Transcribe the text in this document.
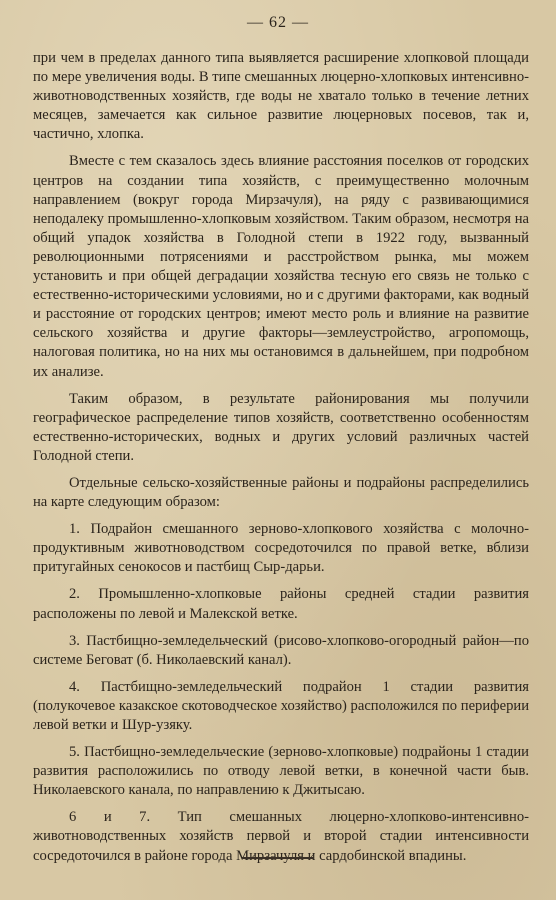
— 62 —

при чем в пределах данного типа выявляется расширение хлопковой площади по мере увеличения воды. В типе смешанных люцерно-хлопковых интенсивно-животноводственных хозяйств, где воды не хватало только в течение летних месяцев, замечается как сильное развитие люцерновых посевов, так и, частично, хлопка.

Вместе с тем сказалось здесь влияние расстояния поселков от городских центров на создании типа хозяйств, с преимущественно молочным направлением (вокруг города Мирзачуля), на ряду с развивающимися неподалеку промышленно-хлопковым хозяйством. Таким образом, несмотря на общий упадок хозяйства в Голодной степи в 1922 году, вызванный революционными потрясениями и расстройством рынка, мы можем установить и при общей деградации хозяйства тесную его связь не только с естественно-историческими условиями, но и с другими факторами, как водный и расстояние от городских центров; имеют место роль и влияние на развитие сельского хозяйства и другие факторы—землеустройство, агропомощь, налоговая политика, но на них мы остановимся в дальнейшем, при подробном их анализе.

Таким образом, в результате районирования мы получили географическое распределение типов хозяйств, соответственно особенностям естественно-исторических, водных и других условий различных частей Голодной степи.

Отдельные сельско-хозяйственные районы и подрайоны распределились на карте следующим образом:

1. Подрайон смешанного зерново-хлопкового хозяйства с молочно-продуктивным животноводством сосредоточился по правой ветке, вблизи притугайных сенокосов и пастбищ Сыр-дарьи.

2. Промышленно-хлопковые районы средней стадии развития расположены по левой и Малекской ветке.

3. Пастбищно-земледельческий (рисово-хлопково-огородный район—по системе Беговат (б. Николаевский канал).

4. Пастбищно-земледельческий подрайон 1 стадии развития (полукочевое казакское скотоводческое хозяйство) расположился по периферии левой ветки и Шур-узяку.

5. Пастбищно-земледельческие (зерново-хлопковые) подрайоны 1 стадии развития расположились по отводу левой ветки, в конечной части быв. Николаевского канала, по направлению к Джитысаю.

6 и 7. Тип смешанных люцерно-хлопково-интенсивно-животноводственных хозяйств первой и второй стадии интенсивности сосредоточился в районе города Мирзачуля и сардобинской впадины.
